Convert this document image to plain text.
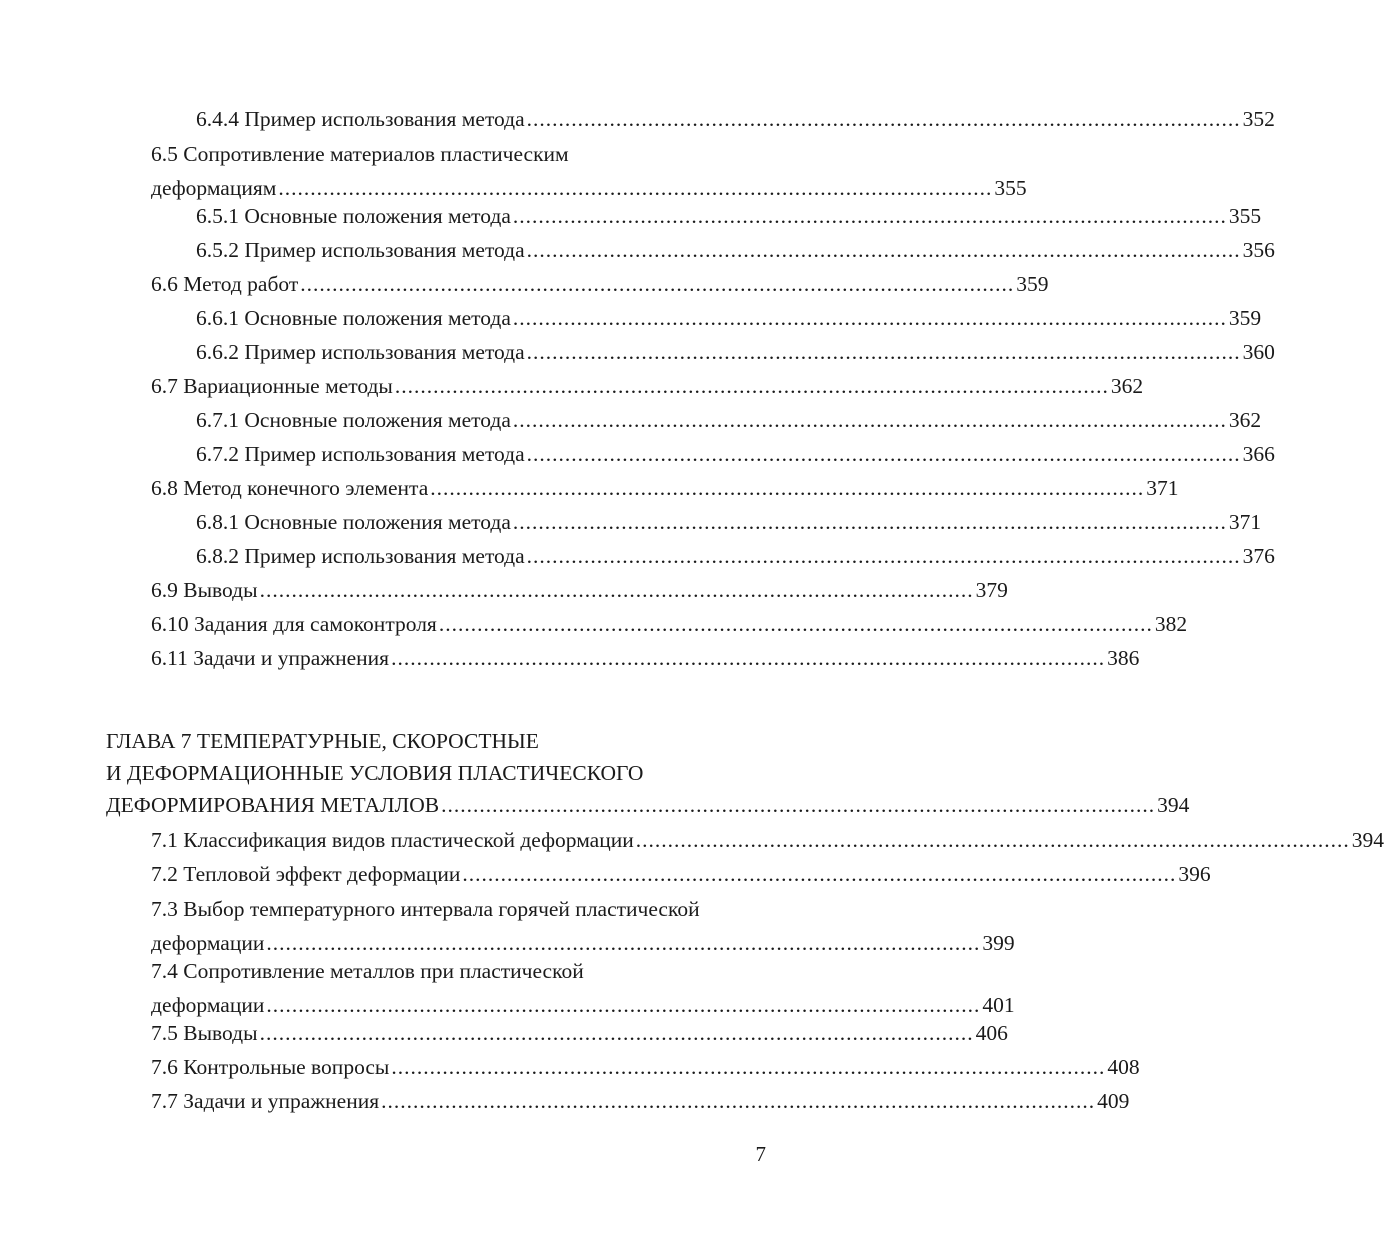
6.4.4 Пример использования метода ................................................................................................................ 352
6.5 Сопротивление материалов пластическим
деформациям ................................................................................................................ 355
6.5.1 Основные положения метода ................................................................................................................ 355
6.5.2 Пример использования метода ................................................................................................................ 356
6.6 Метод работ ................................................................................................................ 359
6.6.1 Основные положения метода ................................................................................................................ 359
6.6.2 Пример использования метода ................................................................................................................ 360
6.7 Вариационные методы ................................................................................................................ 362
6.7.1 Основные положения метода ................................................................................................................ 362
6.7.2 Пример использования метода ................................................................................................................ 366
6.8 Метод конечного элемента ................................................................................................................ 371
6.8.1 Основные положения метода ................................................................................................................ 371
6.8.2 Пример использования метода ................................................................................................................ 376
6.9 Выводы ................................................................................................................ 379
6.10 Задания для самоконтроля ................................................................................................................ 382
6.11 Задачи и упражнения ................................................................................................................ 386
ГЛАВА 7 ТЕМПЕРАТУРНЫЕ, СКОРОСТНЫЕ
И ДЕФОРМАЦИОННЫЕ УСЛОВИЯ ПЛАСТИЧЕСКОГО
ДЕФОРМИРОВАНИЯ МЕТАЛЛОВ ................................................................................................................ 394
7.1 Классификация видов пластической деформации ................................................................................................................ 394
7.2 Тепловой эффект деформации ................................................................................................................ 396
7.3 Выбор температурного интервала горячей пластической
деформации ................................................................................................................ 399
7.4 Сопротивление металлов при пластической
деформации ................................................................................................................ 401
7.5 Выводы ................................................................................................................ 406
7.6 Контрольные вопросы ................................................................................................................ 408
7.7 Задачи и упражнения ................................................................................................................ 409
7
